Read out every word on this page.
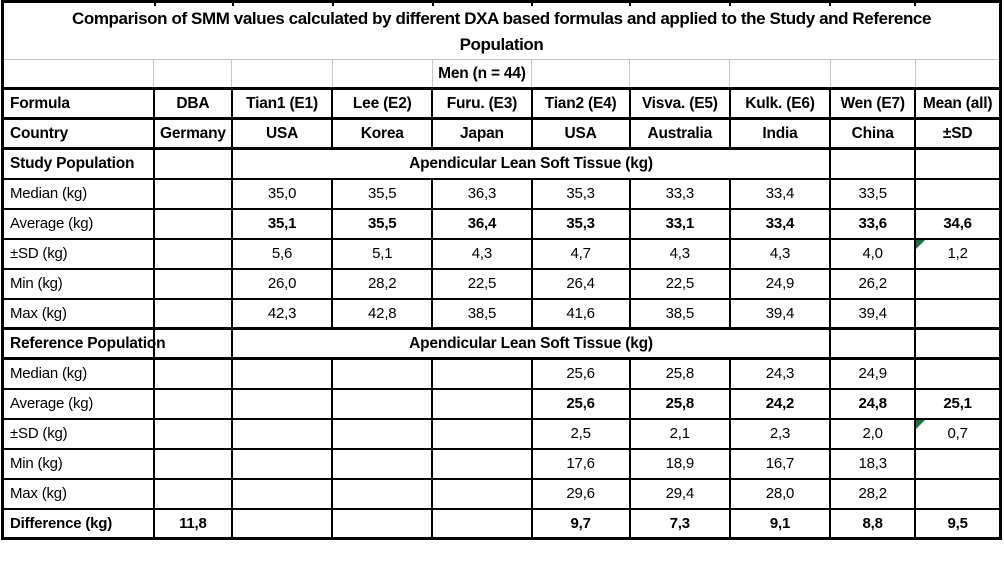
Comparison of SMM values calculated by different DXA based formulas and applied to the Study and Reference
Population									

				Men (n = 44)					
Formula	DBA	Tian1 (E1)	Lee (E2)	Furu. (E3)	Tian2 (E4)	Visva. (E5)	Kulk. (E6)	Wen (E7)	Mean (all)
Country	Germany	USA	Korea	Japan	USA	Australia	India	China	±SD
Study Population		Apendicular Lean Soft Tissue (kg)							
Median (kg)		35,0	35,5	36,3	35,3	33,3	33,4	33,5	
Average (kg)		35,1	35,5	36,4	35,3	33,1	33,4	33,6	34,6
±SD (kg)		5,6	5,1	4,3	4,7	4,3	4,3	4,0	1,2
Min (kg)		26,0	28,2	22,5	26,4	22,5	24,9	26,2	
Max (kg)		42,3	42,8	38,5	41,6	38,5	39,4	39,4	
Reference Population		Apendicular Lean Soft Tissue (kg)							
Median (kg)					25,6	25,8	24,3	24,9	
Average (kg)					25,6	25,8	24,2	24,8	25,1
±SD (kg)					2,5	2,1	2,3	2,0	0,7
Min (kg)					17,6	18,9	16,7	18,3	
Max (kg)					29,6	29,4	28,0	28,2	
Difference (kg)	11,8				9,7	7,3	9,1	8,8	9,5
